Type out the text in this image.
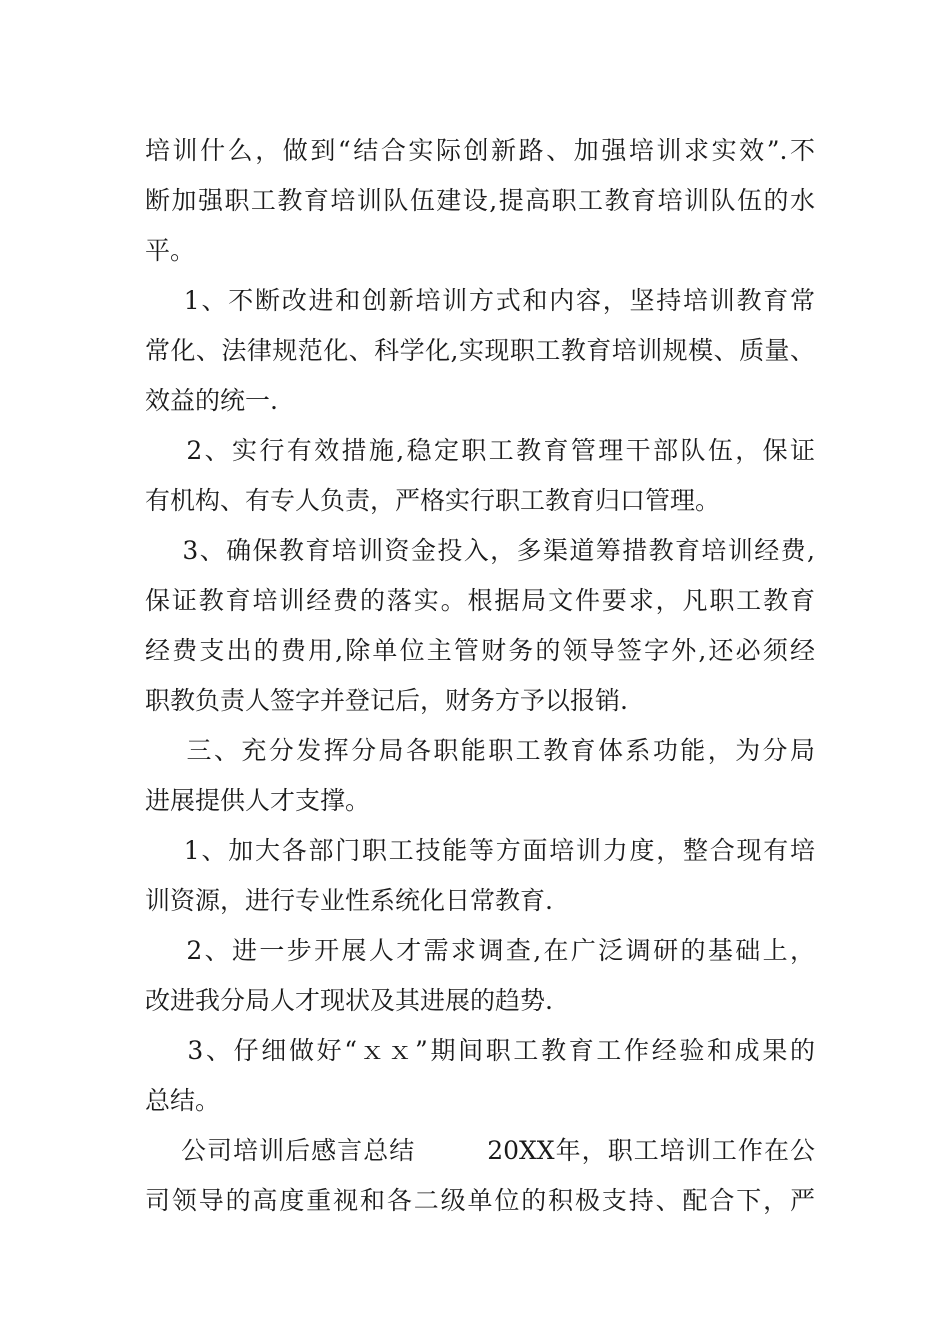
培训什么，做到“结合实际创新路、加强培训求实效”.不
断加强职工教育培训队伍建设,提高职工教育培训队伍的水
平。
1、不断改进和创新培训方式和内容，坚持培训教育常
常化、法律规范化、科学化,实现职工教育培训规模、质量、
效益的统一.
2、实行有效措施,稳定职工教育管理干部队伍，保证
有机构、有专人负责，严格实行职工教育归口管理。
3、确保教育培训资金投入，多渠道筹措教育培训经费,
保证教育培训经费的落实。根据局文件要求，凡职工教育
经费支出的费用,除单位主管财务的领导签字外,还必须经
职教负责人签字并登记后，财务方予以报销.
三、充分发挥分局各职能职工教育体系功能，为分局
进展提供人才支撑。
1、加大各部门职工技能等方面培训力度，整合现有培
训资源，进行专业性系统化日常教育.
2、进一步开展人才需求调查,在广泛调研的基础上，
改进我分局人才现状及其进展的趋势.
3、仔细做好“ｘｘ”期间职工教育工作经验和成果的
总结。
公司培训后感言总结        20XX年，职工培训工作在公
司领导的高度重视和各二级单位的积极支持、配合下，严
